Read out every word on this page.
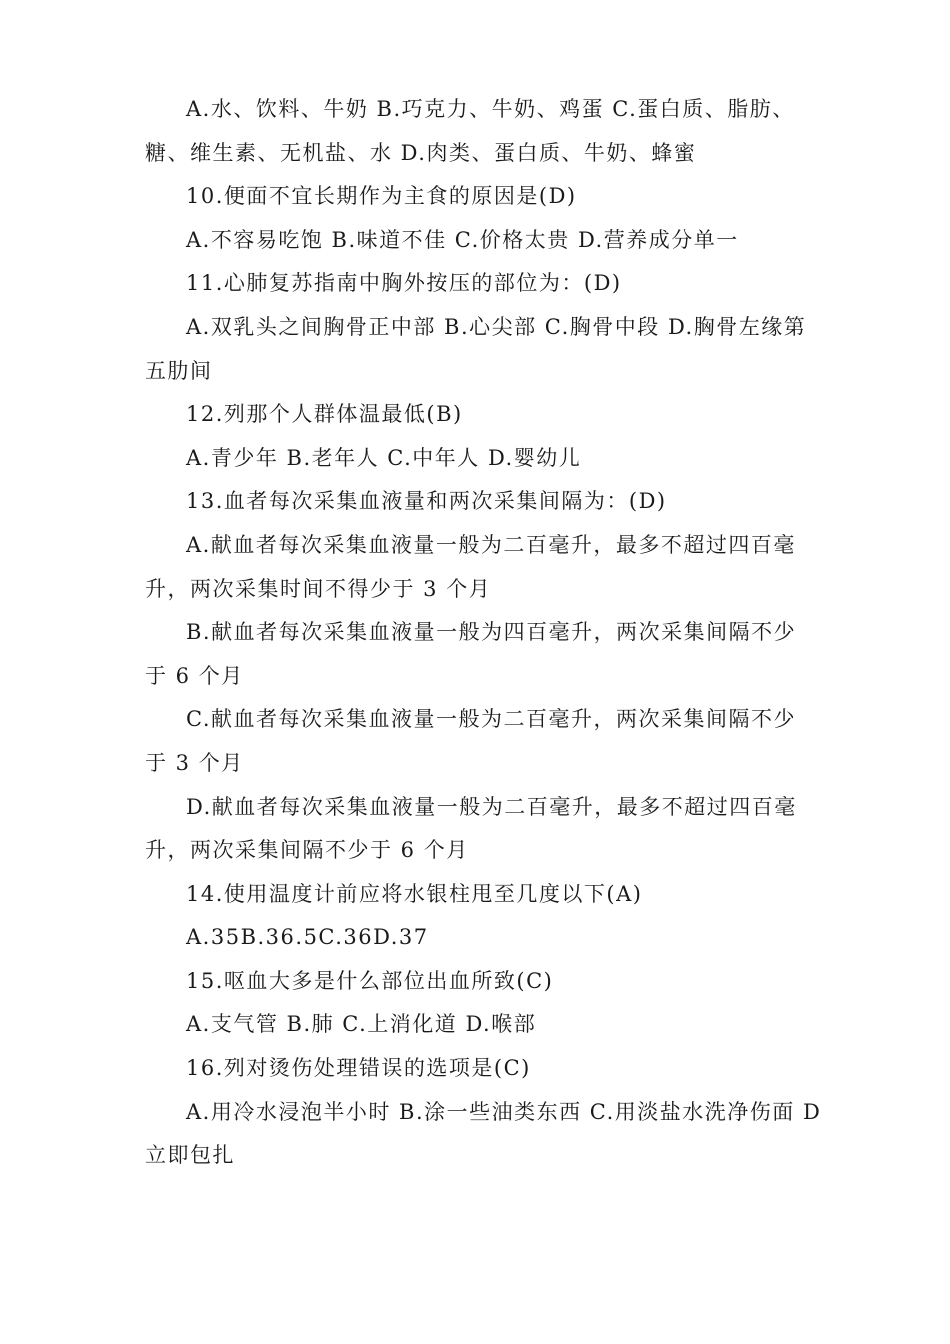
A.水、饮料、牛奶 B.巧克力、牛奶、鸡蛋 C.蛋白质、脂肪、
糖、维生素、无机盐、水 D.肉类、蛋白质、牛奶、蜂蜜
10.便面不宜长期作为主食的原因是(D)
A.不容易吃饱 B.味道不佳 C.价格太贵 D.营养成分单一
11.心肺复苏指南中胸外按压的部位为：(D)
A.双乳头之间胸骨正中部 B.心尖部 C.胸骨中段 D.胸骨左缘第
五肋间
12.列那个人群体温最低(B)
A.青少年 B.老年人 C.中年人 D.婴幼儿
13.血者每次采集血液量和两次采集间隔为：(D)
A.献血者每次采集血液量一般为二百毫升，最多不超过四百毫
升，两次采集时间不得少于 3 个月
B.献血者每次采集血液量一般为四百毫升，两次采集间隔不少
于 6 个月
C.献血者每次采集血液量一般为二百毫升，两次采集间隔不少
于 3 个月
D.献血者每次采集血液量一般为二百毫升，最多不超过四百毫
升，两次采集间隔不少于 6 个月
14.使用温度计前应将水银柱甩至几度以下(A)
A.35B.36.5C.36D.37
15.呕血大多是什么部位出血所致(C)
A.支气管 B.肺 C.上消化道 D.喉部
16.列对烫伤处理错误的选项是(C)
A.用冷水浸泡半小时 B.涂一些油类东西 C.用淡盐水洗净伤面 D
立即包扎
